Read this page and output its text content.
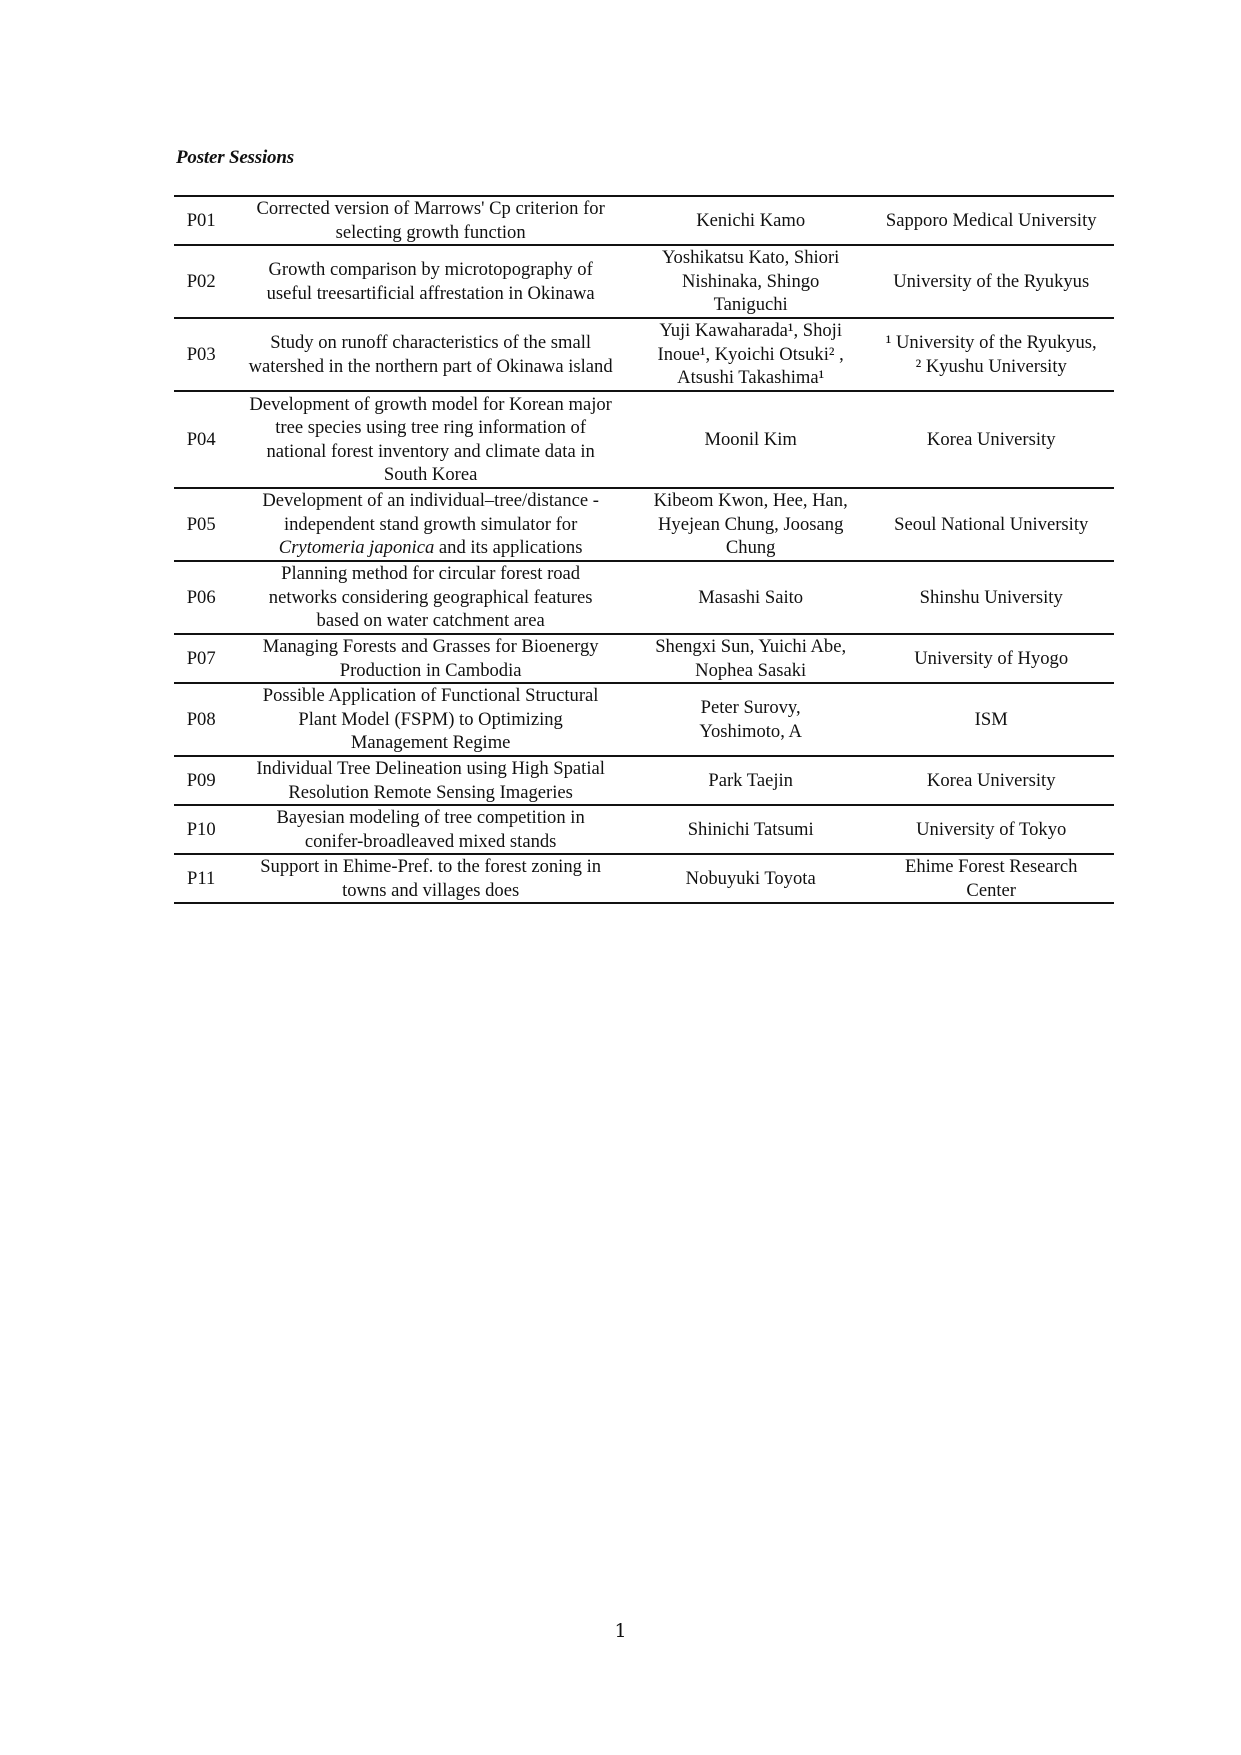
Poster Sessions
P01	Corrected version of Marrows' Cp criterion for
selecting growth function	Kenichi Kamo	Sapporo Medical University

P02	Growth comparison by microtopography of
useful treesartificial affrestation in Okinawa	Yoshikatsu Kato, Shiori
Nishinaka, Shingo
Taniguchi	University of the Ryukyus

P03	Study on runoff characteristics of the small
watershed in the northern part of Okinawa island	Yuji Kawaharada¹, Shoji
Inoue¹, Kyoichi Otsuki² ,
Atsushi Takashima¹	¹ University of the Ryukyus,
² Kyushu University

P04	Development of growth model for Korean major
tree species using tree ring information of
national forest inventory and climate data in
South Korea	Moonil Kim	Korea University

P05	Development of an individual–tree/distance -
independent stand growth simulator for
Crytomeria japonica and its applications	Kibeom Kwon, Hee, Han,
Hyejean Chung, Joosang
Chung	Seoul National University

P06	Planning method for circular forest road
networks considering geographical features
based on water catchment area	Masashi Saito	Shinshu University

P07	Managing Forests and Grasses for Bioenergy
Production in Cambodia	Shengxi Sun, Yuichi Abe,
Nophea Sasaki	University of Hyogo

P08	Possible Application of Functional Structural
Plant Model (FSPM) to Optimizing
Management Regime	Peter Surovy,
Yoshimoto, A	ISM

P09	Individual Tree Delineation using High Spatial
Resolution Remote Sensing Imageries	Park Taejin	Korea University

P10	Bayesian modeling of tree competition in
conifer-broadleaved mixed stands	Shinichi Tatsumi	University of Tokyo

P11	Support in Ehime-Pref. to the forest zoning in
towns and villages does	Nobuyuki Toyota	Ehime Forest Research
Center
1
